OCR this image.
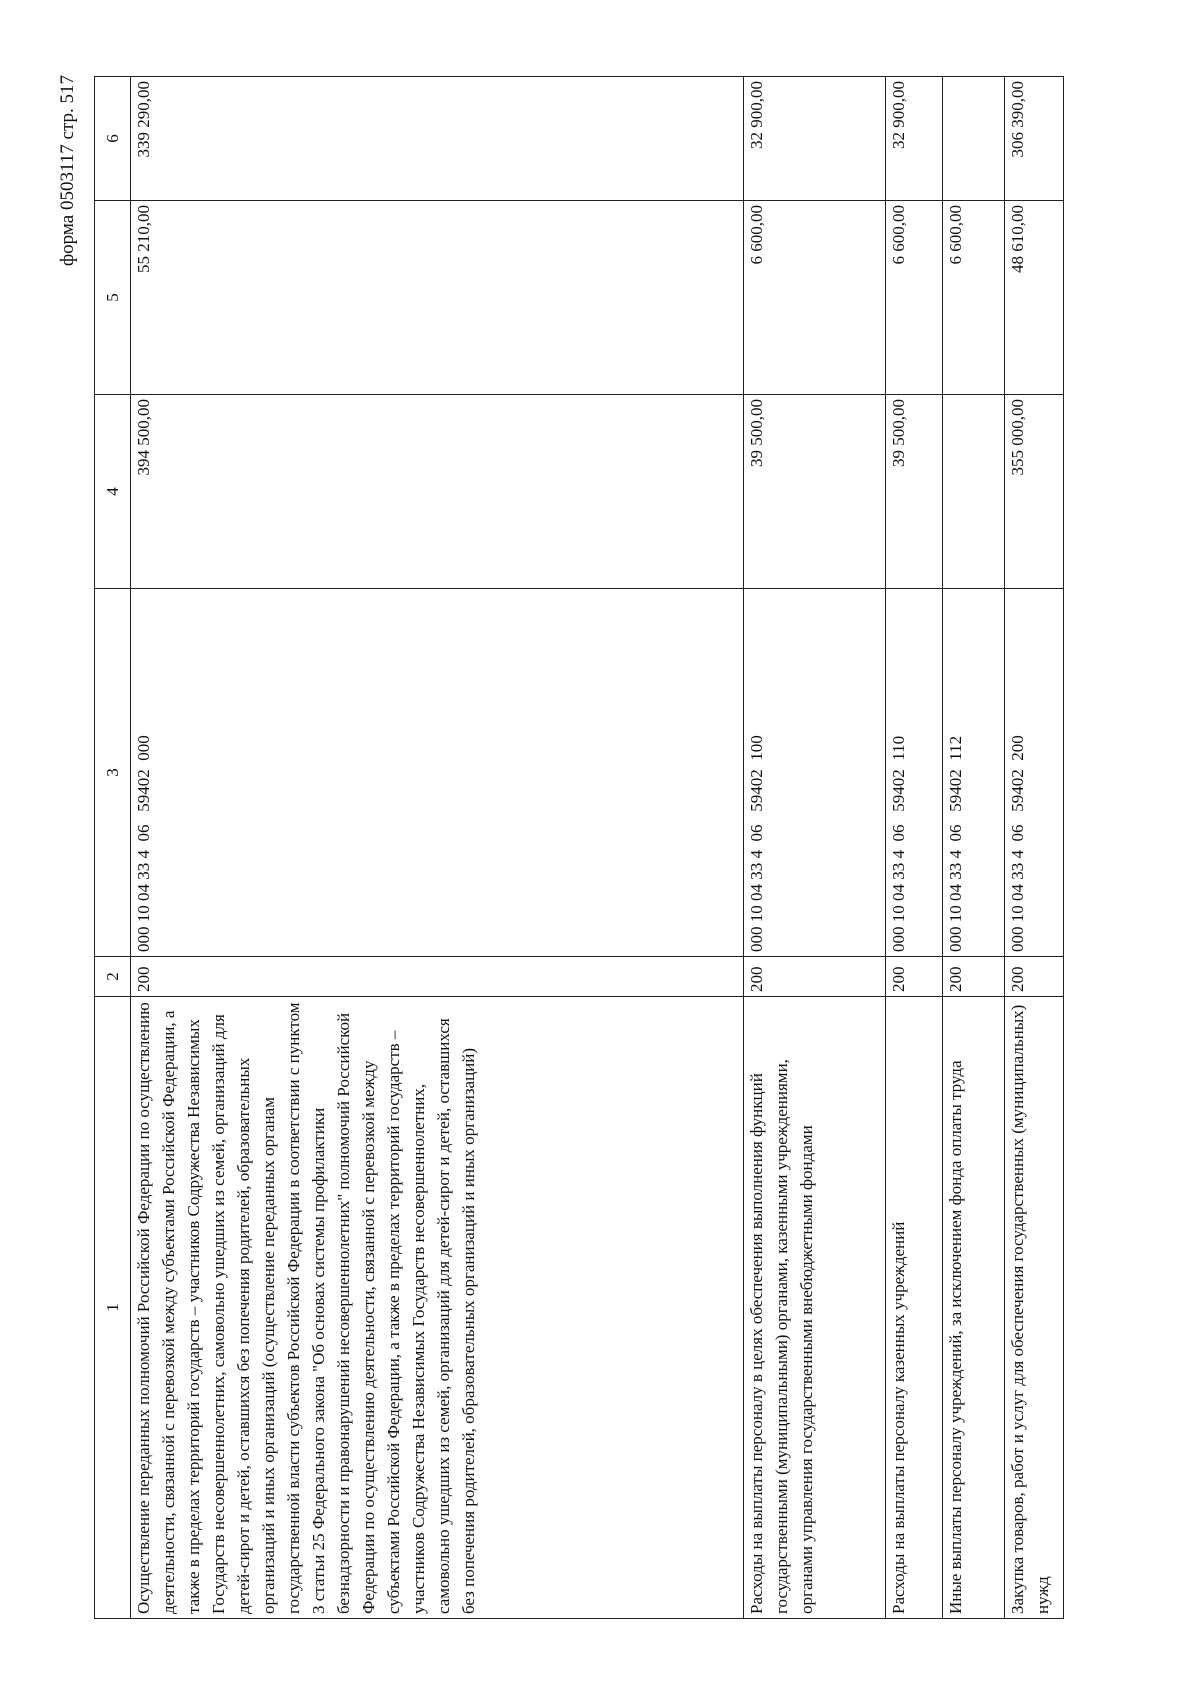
форма 0503117 стр. 517
1	2	3	4	5	6
Осуществление переданных полномочий Российской Федерации по осуществлению деятельности, связанной с перевозкой между субъектами Российской Федерации, а также в пределах территорий государств – участников Содружества Независимых Государств несовершеннолетних, самовольно ушедших из семей, организаций для детей-сирот и детей, оставшихся без попечения родителей, образовательных организаций и иных организаций (осуществление переданных органам государственной власти субъектов Российской Федерации в соответствии с пунктом 3 статьи 25 Федерального закона "Об основах системы профилактики безнадзорности и правонарушений несовершеннолетних" полномочий Российской Федерации по осуществлению деятельности, связанной с перевозкой между субъектами Российской Федерации, а также в пределах территорий государств – участников Содружества Независимых Государств несовершеннолетних, самовольно ушедших из семей, организаций для детей-сирот и детей, оставшихся без попечения родителей, образовательных организаций и иных организаций)	200	000 10 04 33 4  06   59402  000	394 500,00	55 210,00	339 290,00
Расходы на выплаты персоналу в целях обеспечения выполнения функций государственными (муниципальными) органами, казенными учреждениями, органами управления государственными внебюджетными фондами	200	000 10 04 33 4  06   59402  100	39 500,00	6 600,00	32 900,00
Расходы на выплаты персоналу казенных учреждений	200	000 10 04 33 4  06   59402  110	39 500,00	6 600,00	32 900,00
Иные выплаты персоналу учреждений, за исключением фонда оплаты труда	200	000 10 04 33 4  06   59402  112		6 600,00	
Закупка товаров, работ и услуг для обеспечения государственных (муниципальных) нужд	200	000 10 04 33 4  06   59402  200	355 000,00	48 610,00	306 390,00
